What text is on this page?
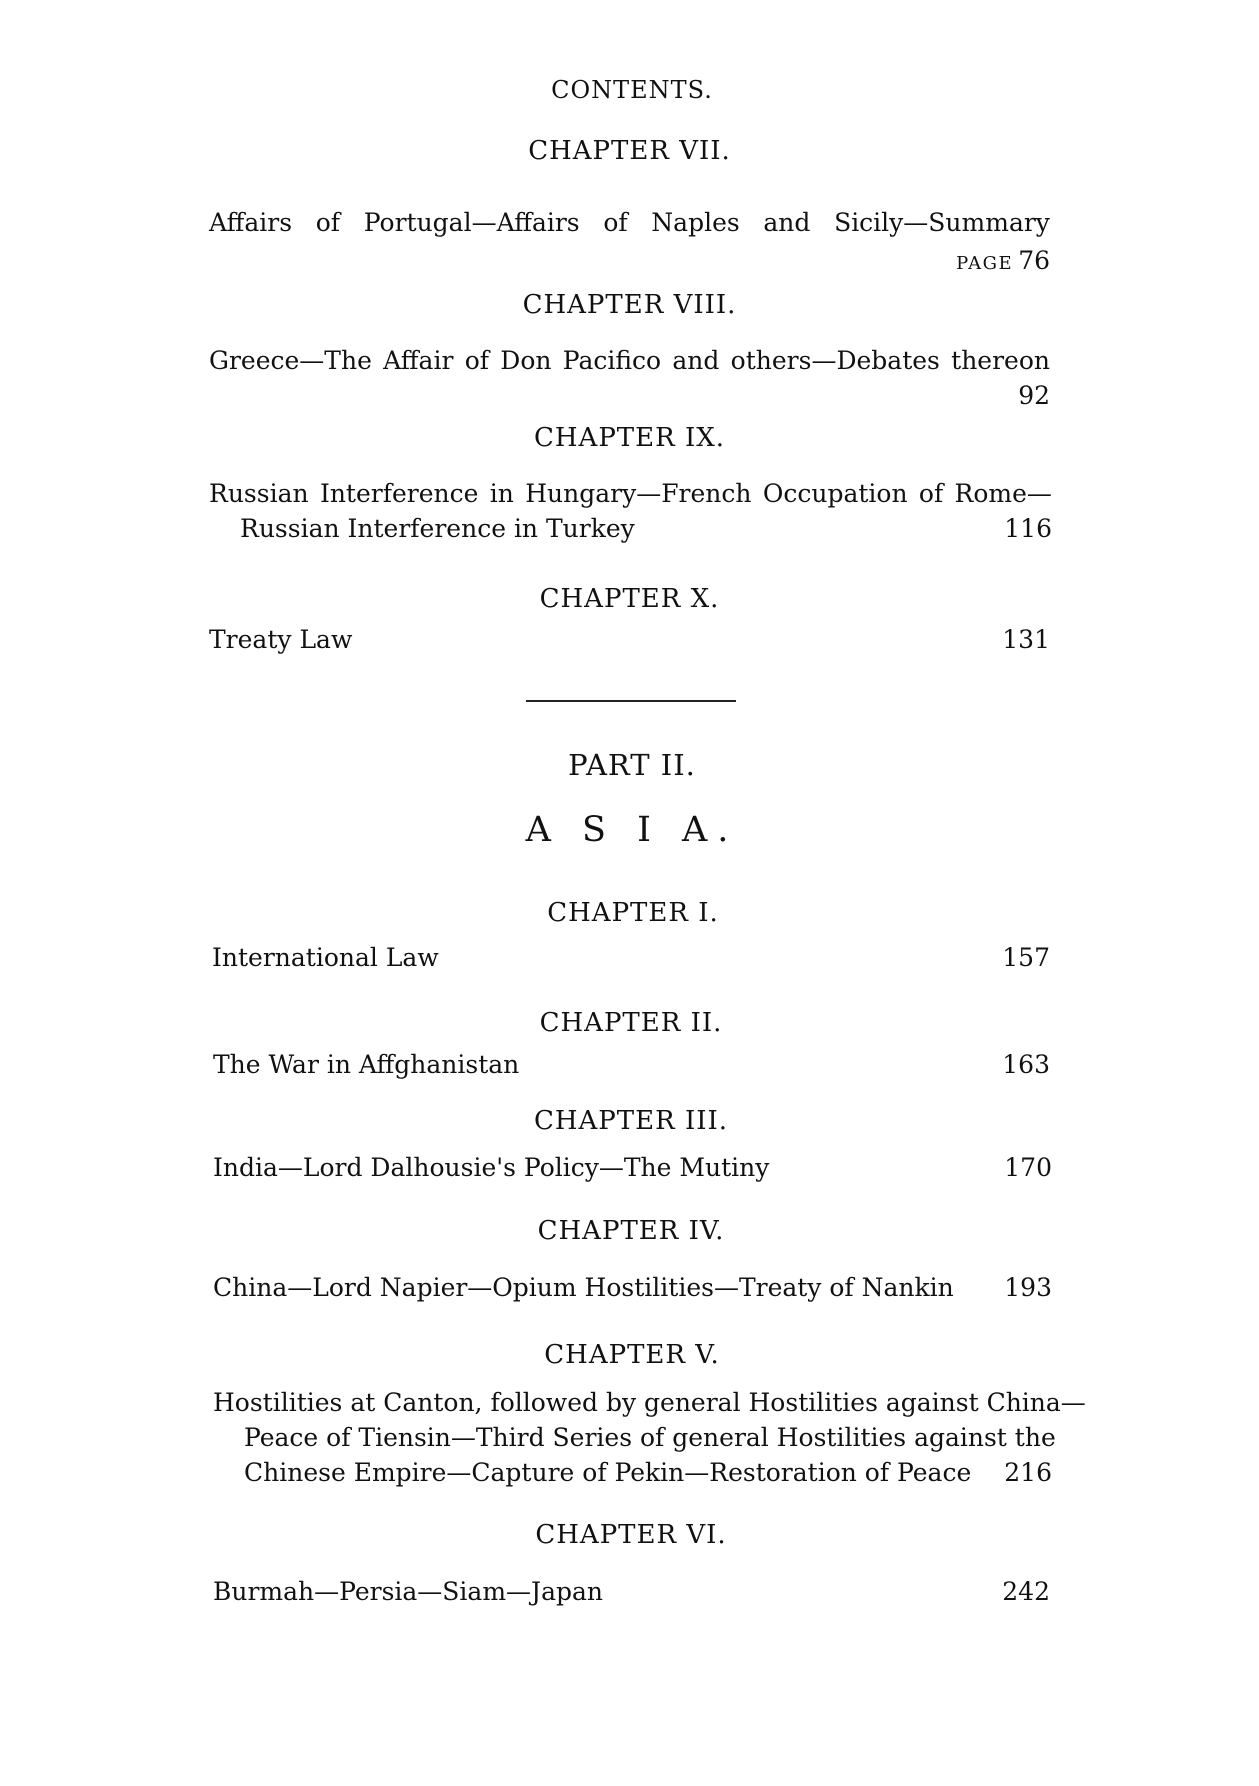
CONTENTS.
CHAPTER VII.
Affairs of Portugal—Affairs of Naples and Sicily—Summary
PAGE 76
CHAPTER VIII.
Greece—The Affair of Don Pacifico and others—Debates thereon
92
CHAPTER IX.
Russian Interference in Hungary—French Occupation of Rome—
Russian Interference in Turkey	116
CHAPTER X.
Treaty Law	131
PART II.
A S I A.
CHAPTER I.
International Law	157
CHAPTER II.
The War in Affghanistan	163
CHAPTER III.
India—Lord Dalhousie's Policy—The Mutiny	170
CHAPTER IV.
China—Lord Napier—Opium Hostilities—Treaty of Nankin 193
CHAPTER V.
Hostilities at Canton, followed by general Hostilities against China—
Peace of Tiensin—Third Series of general Hostilities against the
Chinese Empire—Capture of Pekin—Restoration of Peace 216
CHAPTER VI.
Burmah—Persia—Siam—Japan	242
